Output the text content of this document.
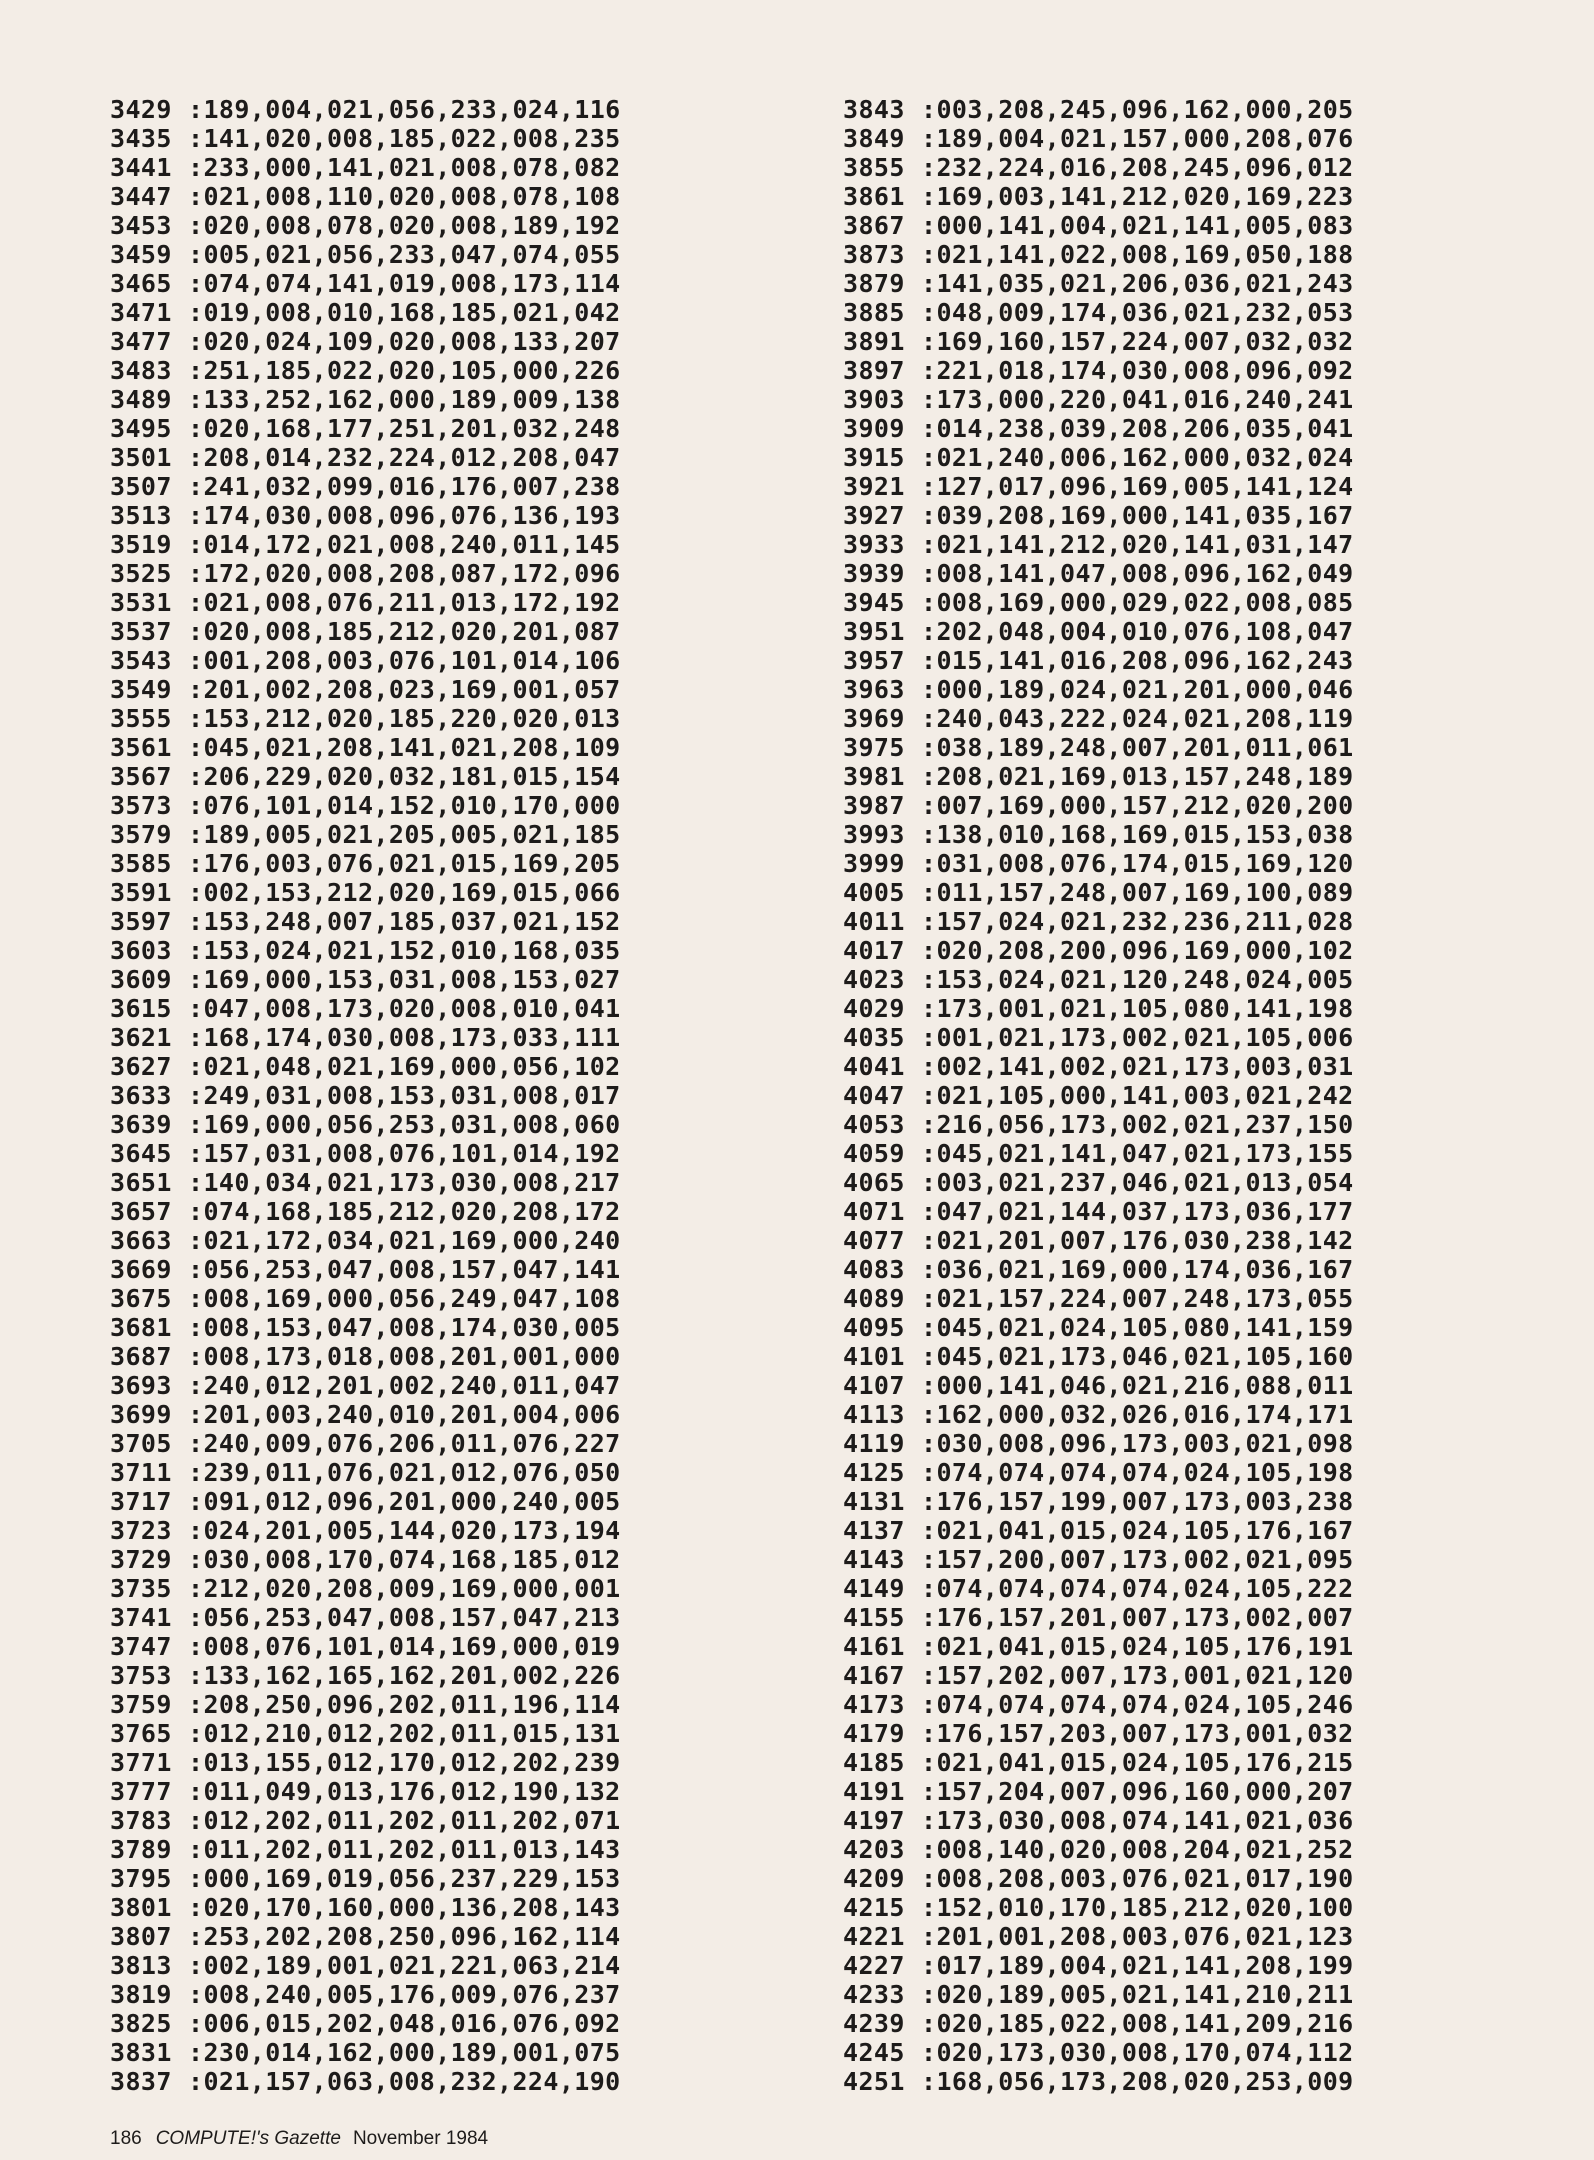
3429 :189,004,021,056,233,024,116
3435 :141,020,008,185,022,008,235
3441 :233,000,141,021,008,078,082
3447 :021,008,110,020,008,078,108
3453 :020,008,078,020,008,189,192
3459 :005,021,056,233,047,074,055
3465 :074,074,141,019,008,173,114
3471 :019,008,010,168,185,021,042
3477 :020,024,109,020,008,133,207
3483 :251,185,022,020,105,000,226
3489 :133,252,162,000,189,009,138
3495 :020,168,177,251,201,032,248
3501 :208,014,232,224,012,208,047
3507 :241,032,099,016,176,007,238
3513 :174,030,008,096,076,136,193
3519 :014,172,021,008,240,011,145
3525 :172,020,008,208,087,172,096
3531 :021,008,076,211,013,172,192
3537 :020,008,185,212,020,201,087
3543 :001,208,003,076,101,014,106
3549 :201,002,208,023,169,001,057
3555 :153,212,020,185,220,020,013
3561 :045,021,208,141,021,208,109
3567 :206,229,020,032,181,015,154
3573 :076,101,014,152,010,170,000
3579 :189,005,021,205,005,021,185
3585 :176,003,076,021,015,169,205
3591 :002,153,212,020,169,015,066
3597 :153,248,007,185,037,021,152
3603 :153,024,021,152,010,168,035
3609 :169,000,153,031,008,153,027
3615 :047,008,173,020,008,010,041
3621 :168,174,030,008,173,033,111
3627 :021,048,021,169,000,056,102
3633 :249,031,008,153,031,008,017
3639 :169,000,056,253,031,008,060
3645 :157,031,008,076,101,014,192
3651 :140,034,021,173,030,008,217
3657 :074,168,185,212,020,208,172
3663 :021,172,034,021,169,000,240
3669 :056,253,047,008,157,047,141
3675 :008,169,000,056,249,047,108
3681 :008,153,047,008,174,030,005
3687 :008,173,018,008,201,001,000
3693 :240,012,201,002,240,011,047
3699 :201,003,240,010,201,004,006
3705 :240,009,076,206,011,076,227
3711 :239,011,076,021,012,076,050
3717 :091,012,096,201,000,240,005
3723 :024,201,005,144,020,173,194
3729 :030,008,170,074,168,185,012
3735 :212,020,208,009,169,000,001
3741 :056,253,047,008,157,047,213
3747 :008,076,101,014,169,000,019
3753 :133,162,165,162,201,002,226
3759 :208,250,096,202,011,196,114
3765 :012,210,012,202,011,015,131
3771 :013,155,012,170,012,202,239
3777 :011,049,013,176,012,190,132
3783 :012,202,011,202,011,202,071
3789 :011,202,011,202,011,013,143
3795 :000,169,019,056,237,229,153
3801 :020,170,160,000,136,208,143
3807 :253,202,208,250,096,162,114
3813 :002,189,001,021,221,063,214
3819 :008,240,005,176,009,076,237
3825 :006,015,202,048,016,076,092
3831 :230,014,162,000,189,001,075
3837 :021,157,063,008,232,224,190
3843 :003,208,245,096,162,000,205
3849 :189,004,021,157,000,208,076
3855 :232,224,016,208,245,096,012
3861 :169,003,141,212,020,169,223
3867 :000,141,004,021,141,005,083
3873 :021,141,022,008,169,050,188
3879 :141,035,021,206,036,021,243
3885 :048,009,174,036,021,232,053
3891 :169,160,157,224,007,032,032
3897 :221,018,174,030,008,096,092
3903 :173,000,220,041,016,240,241
3909 :014,238,039,208,206,035,041
3915 :021,240,006,162,000,032,024
3921 :127,017,096,169,005,141,124
3927 :039,208,169,000,141,035,167
3933 :021,141,212,020,141,031,147
3939 :008,141,047,008,096,162,049
3945 :008,169,000,029,022,008,085
3951 :202,048,004,010,076,108,047
3957 :015,141,016,208,096,162,243
3963 :000,189,024,021,201,000,046
3969 :240,043,222,024,021,208,119
3975 :038,189,248,007,201,011,061
3981 :208,021,169,013,157,248,189
3987 :007,169,000,157,212,020,200
3993 :138,010,168,169,015,153,038
3999 :031,008,076,174,015,169,120
4005 :011,157,248,007,169,100,089
4011 :157,024,021,232,236,211,028
4017 :020,208,200,096,169,000,102
4023 :153,024,021,120,248,024,005
4029 :173,001,021,105,080,141,198
4035 :001,021,173,002,021,105,006
4041 :002,141,002,021,173,003,031
4047 :021,105,000,141,003,021,242
4053 :216,056,173,002,021,237,150
4059 :045,021,141,047,021,173,155
4065 :003,021,237,046,021,013,054
4071 :047,021,144,037,173,036,177
4077 :021,201,007,176,030,238,142
4083 :036,021,169,000,174,036,167
4089 :021,157,224,007,248,173,055
4095 :045,021,024,105,080,141,159
4101 :045,021,173,046,021,105,160
4107 :000,141,046,021,216,088,011
4113 :162,000,032,026,016,174,171
4119 :030,008,096,173,003,021,098
4125 :074,074,074,074,024,105,198
4131 :176,157,199,007,173,003,238
4137 :021,041,015,024,105,176,167
4143 :157,200,007,173,002,021,095
4149 :074,074,074,074,024,105,222
4155 :176,157,201,007,173,002,007
4161 :021,041,015,024,105,176,191
4167 :157,202,007,173,001,021,120
4173 :074,074,074,074,024,105,246
4179 :176,157,203,007,173,001,032
4185 :021,041,015,024,105,176,215
4191 :157,204,007,096,160,000,207
4197 :173,030,008,074,141,021,036
4203 :008,140,020,008,204,021,252
4209 :008,208,003,076,021,017,190
4215 :152,010,170,185,212,020,100
4221 :201,001,208,003,076,021,123
4227 :017,189,004,021,141,208,199
4233 :020,189,005,021,141,210,211
4239 :020,185,022,008,141,209,216
4245 :020,173,030,008,170,074,112
4251 :168,056,173,208,020,253,009
186 COMPUTE!'s Gazette November 1984
